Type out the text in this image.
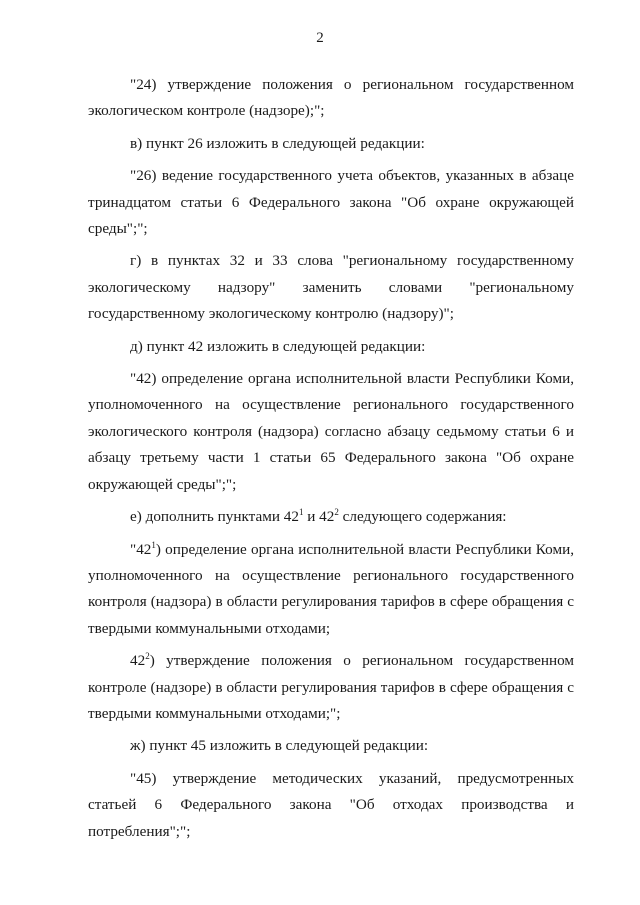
2

"24) утверждение положения о региональном государственном экологическом контроле (надзоре);";

в) пункт 26 изложить в следующей редакции:

"26) ведение государственного учета объектов, указанных в абзаце тринадцатом статьи 6 Федерального закона "Об охране окружающей среды";";

г) в пунктах 32 и 33 слова "региональному государственному экологическому надзору" заменить словами "региональному государственному экологическому контролю (надзору)";

д) пункт 42 изложить в следующей редакции:

"42) определение органа исполнительной власти Республики Коми, уполномоченного на осуществление регионального государственного экологического контроля (надзора) согласно абзацу седьмому статьи 6 и абзацу третьему части 1 статьи 65 Федерального закона "Об охране окружающей среды";";

е) дополнить пунктами $42^1$ и $42^2$ следующего содержания:

"$42^1$) определение органа исполнительной власти Республики Коми, уполномоченного на осуществление регионального государственного контроля (надзора) в области регулирования тарифов в сфере обращения с твердыми коммунальными отходами;

$42^2$) утверждение положения о региональном государственном контроле (надзоре) в области регулирования тарифов в сфере обращения с твердыми коммунальными отходами;";

ж) пункт 45 изложить в следующей редакции:

"45) утверждение методических указаний, предусмотренных статьей 6 Федерального закона "Об отходах производства и потребления";";
